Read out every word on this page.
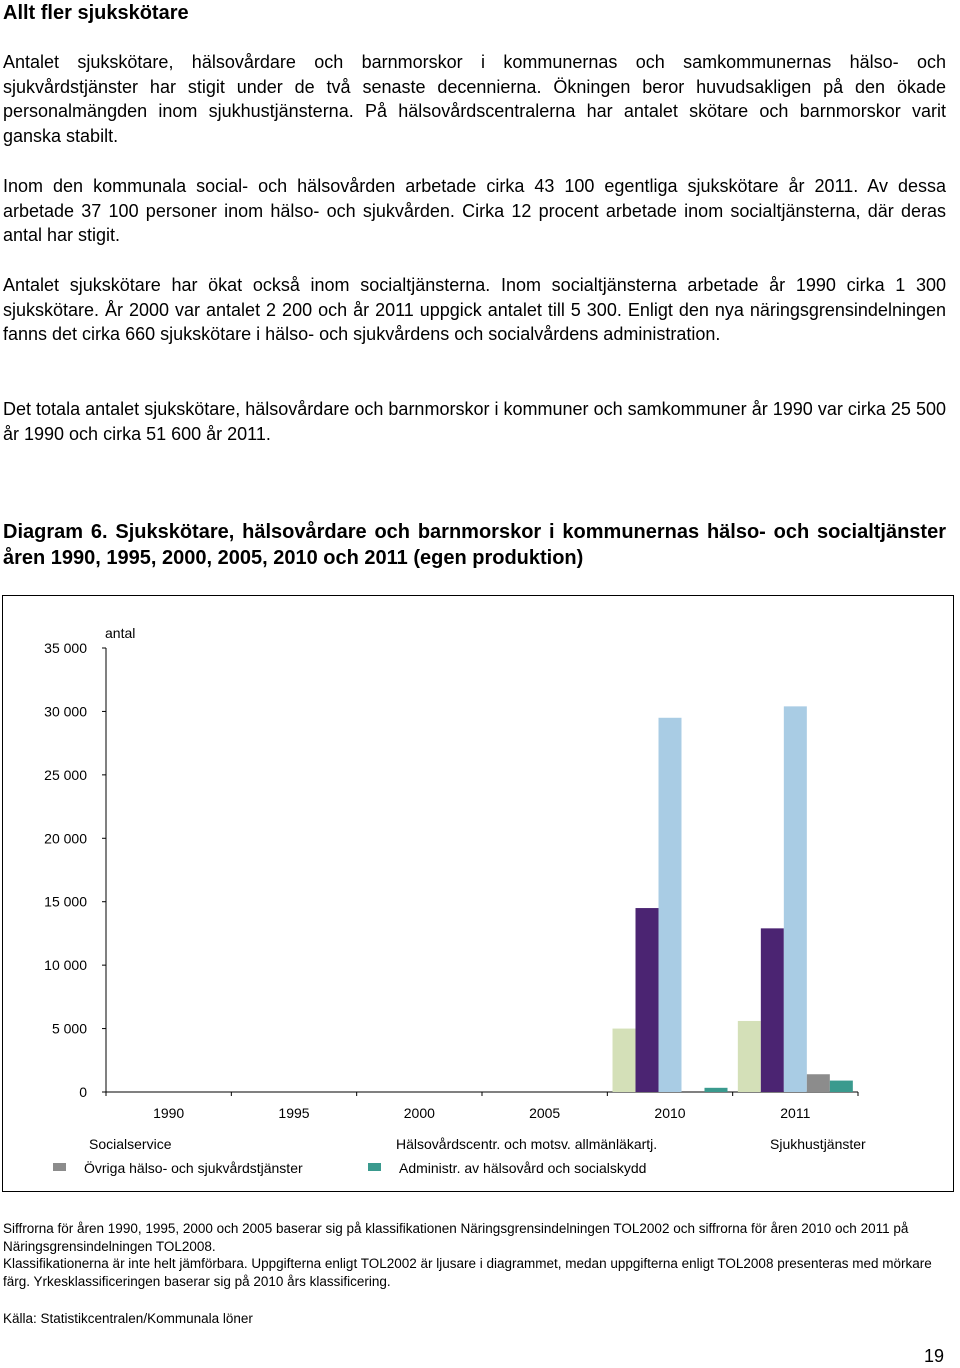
Allt fler sjukskötare

Antalet sjukskötare, hälsovårdare och barnmorskor i kommunernas och samkommunernas hälso- och sjukvårdstjänster har stigit under de två senaste decennierna. Ökningen beror huvudsakligen på den ökade personalmängden inom sjukhustjänsterna. På hälsovårdscentralerna har antalet skötare och barnmorskor varit ganska stabilt.

Inom den kommunala social- och hälsovården arbetade cirka 43 100 egentliga sjukskötare år 2011. Av dessa arbetade 37 100 personer inom hälso- och sjukvården. Cirka 12 procent arbetade inom socialtjänsterna, där deras antal har stigit.

Antalet sjukskötare har ökat också inom socialtjänsterna. Inom socialtjänsterna arbetade år 1990 cirka 1 300 sjukskötare. År 2000 var antalet 2 200 och år 2011 uppgick antalet till 5 300. Enligt den nya näringsgrensindelningen fanns det cirka 660 sjukskötare i hälso- och sjukvårdens och socialvårdens administration.

Det totala antalet sjukskötare, hälsovårdare och barnmorskor i kommuner och samkommuner år 1990 var cirka 25 500 år 1990 och cirka 51 600 år 2011.

Diagram 6. Sjukskötare, hälsovårdare och barnmorskor i kommunernas hälso- och socialtjänster åren 1990, 1995, 2000, 2005, 2010 och 2011 (egen produktion)
0
5 000
10 000
15 000
20 000
25 000
30 000
35 000
antal
1990	1995	2000	2005	2010	2011
Socialservice	Hälsovårdscentr. och motsv. allmänläkartj.	Sjukhustjänster
Övriga hälso- och sjukvårdstjänster	Administr. av hälsovård och socialskydd
Siffrorna för åren 1990, 1995, 2000 och 2005 baserar sig på klassifikationen Näringsgrensindelningen TOL2002 och siffrorna för åren 2010 och 2011 på Näringsgrensindelningen TOL2008.
Klassifikationerna är inte helt jämförbara. Uppgifterna enligt TOL2002 är ljusare i diagrammet, medan uppgifterna enligt TOL2008 presenteras med mörkare färg. Yrkesklassificeringen baserar sig på 2010 års klassificering.
Källa: Statistikcentralen/Kommunala löner
19
